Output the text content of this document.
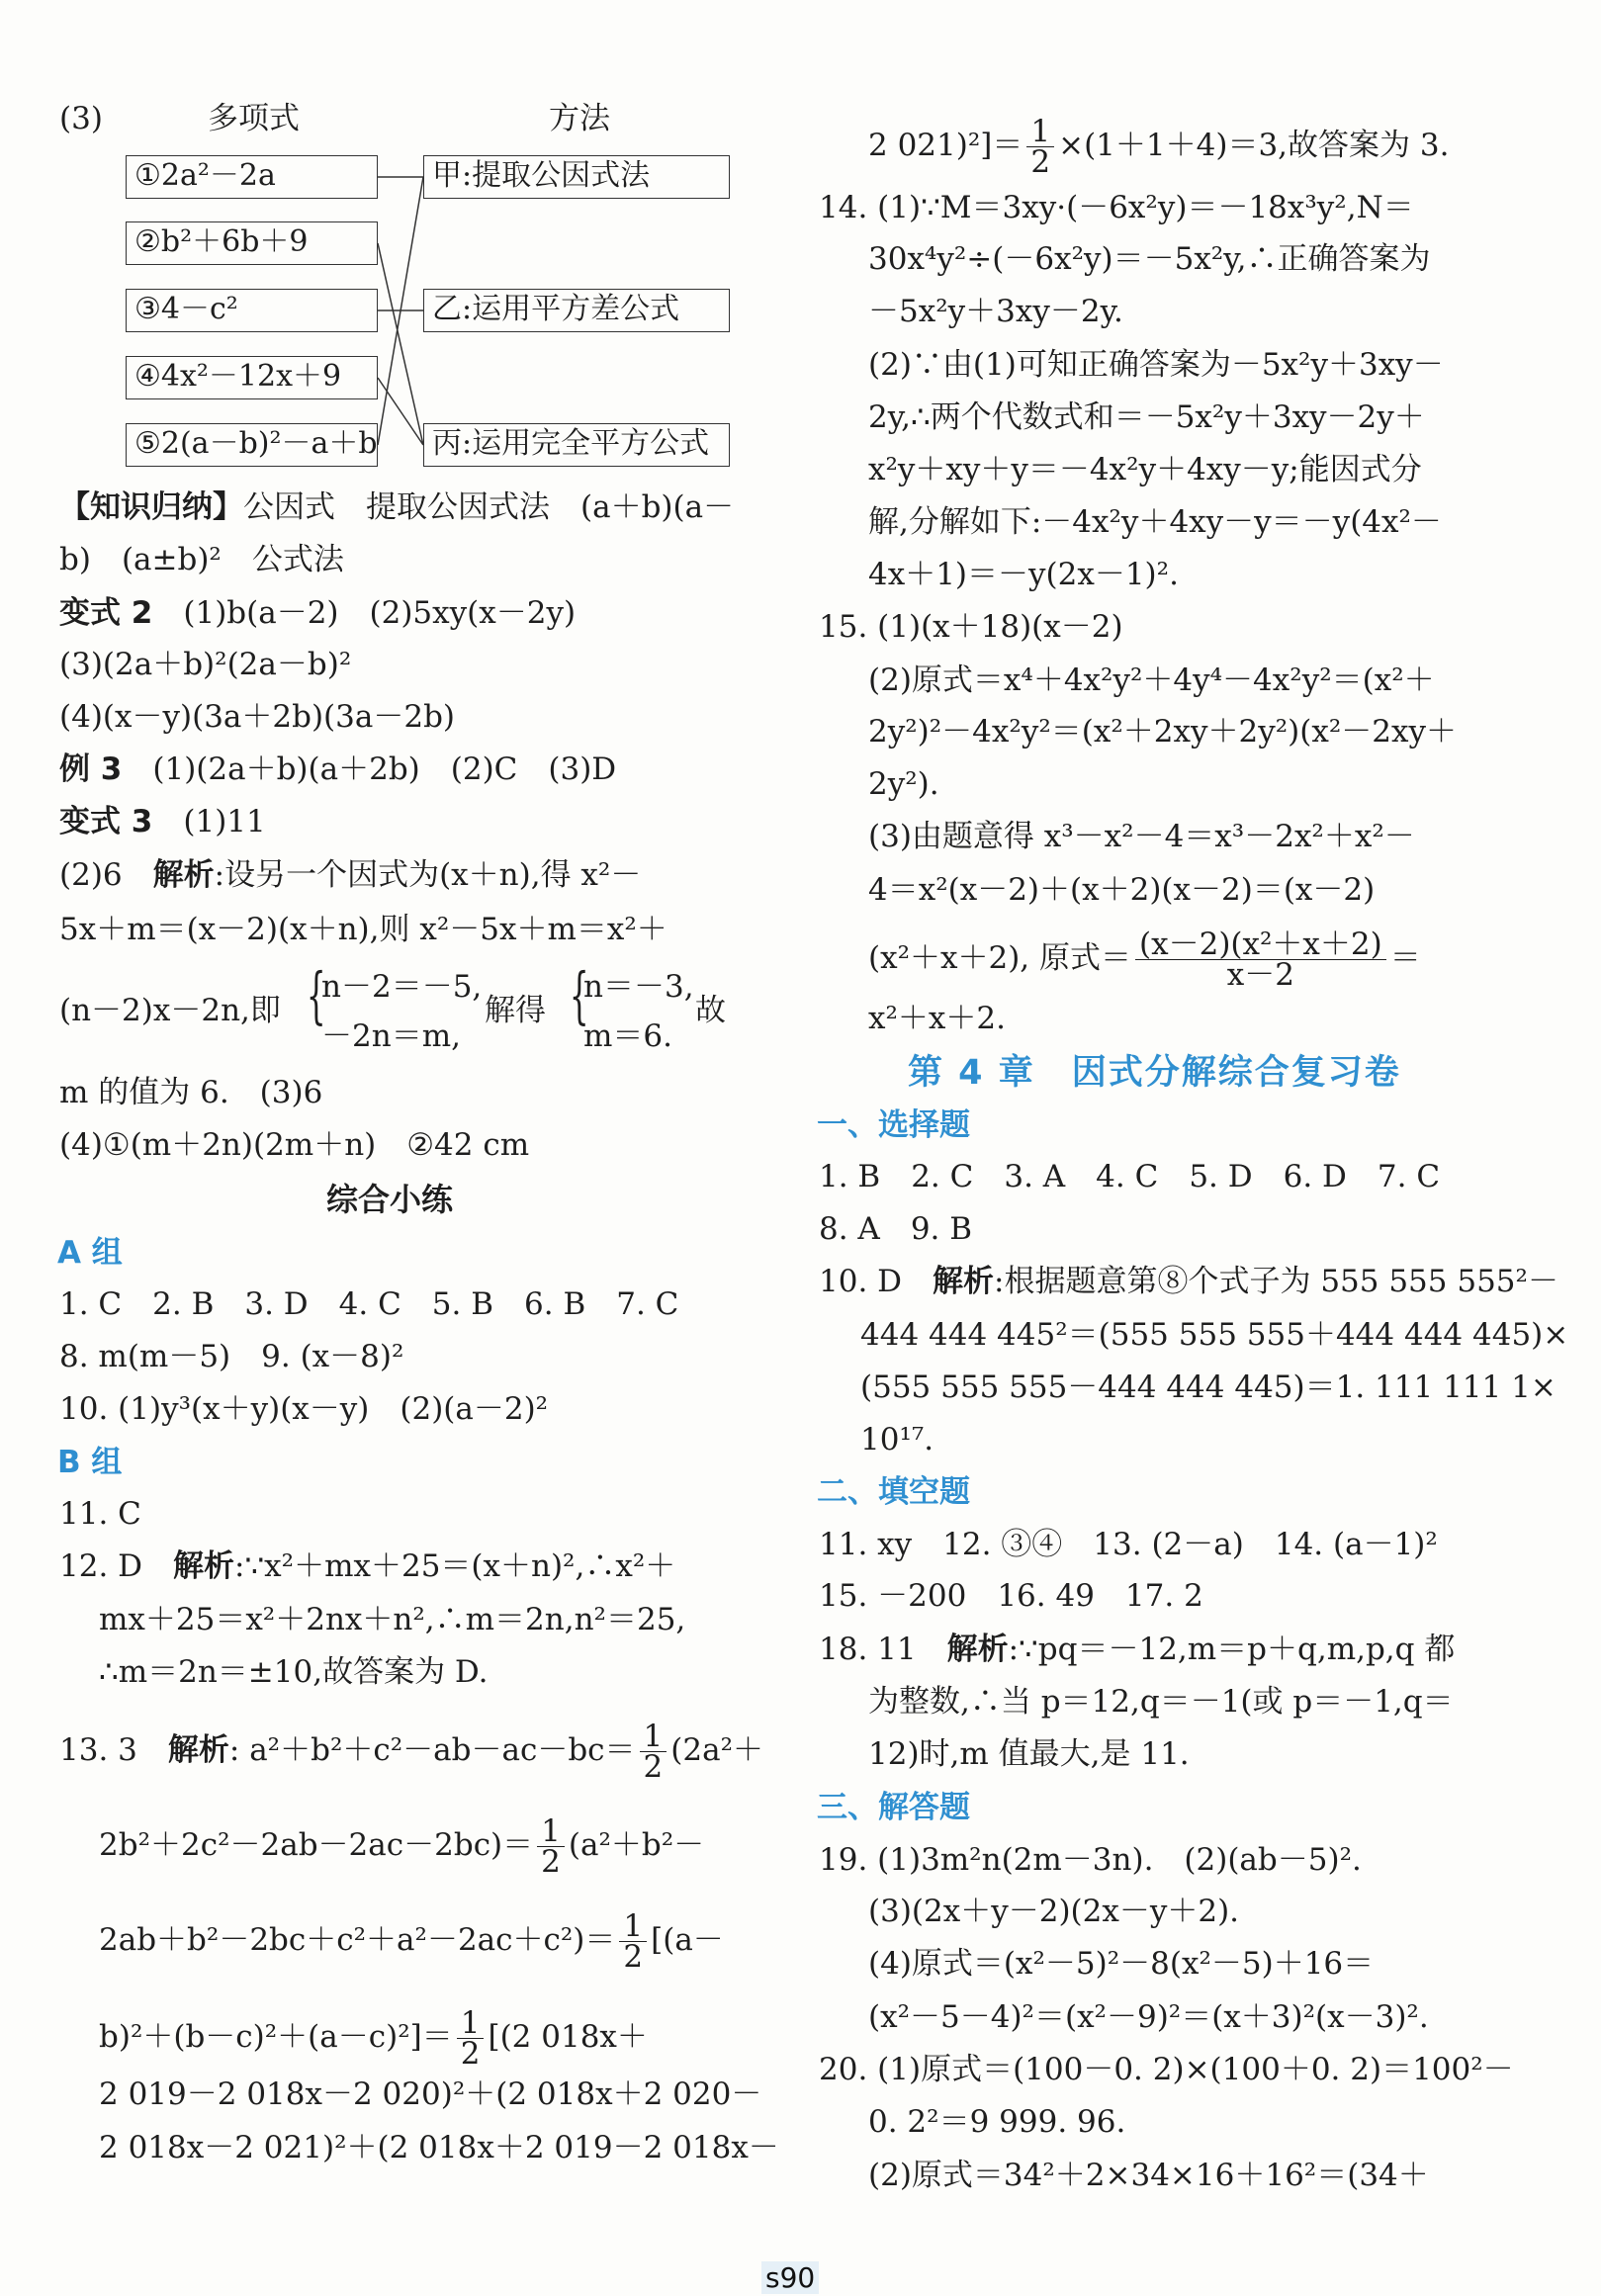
(3)	多项式	方法
①2a²－2a
②b²＋6b＋9
③4－c²
④4x²－12x＋9
⑤2(a－b)²－a＋b
甲:提取公因式法
乙:运用平方差公式
丙:运用完全平方公式
【知识归纳】公因式　提取公因式法　(a＋b)(a－
b)　(a±b)²　公式法
变式 2　(1)b(a－2)　(2)5xy(x－2y)
(3)(2a＋b)²(2a－b)²
(4)(x－y)(3a＋2b)(3a－2b)
例 3　(1)(2a＋b)(a＋2b)　(2)C　(3)D
变式 3　(1)11
(2)6　解析:设另一个因式为(x＋n),得 x²－
5x＋m＝(x－2)(x＋n),则 x²－5x＋m＝x²＋
(n－2)x－2n,即 {
n－2＝－5,
－2n＝m,
解得 {
n＝－3,
m＝6.
故
m 的值为 6.　(3)6
(4)①(m＋2n)(2m＋n)　②42 cm
综合小练
A 组
1. C　2. B　3. D　4. C　5. B　6. B　7. C
8. m(m－5)　9. (x－8)²
10. (1)y³(x＋y)(x－y)　(2)(a－2)²
B 组
11. C
12. D　解析:∵x²＋mx＋25＝(x＋n)²,∴x²＋
mx＋25＝x²＋2nx＋n²,∴m＝2n,n²＝25,
∴m＝2n＝±10,故答案为 D.
13. 3　解析: $a^2+b^2+c^2-ab-ac-bc= \frac{1}{2} (2a^2+$
$2b^2+2c^2-2ab-2ac-2bc)= \frac{1}{2} (a^2+b^2-$
$2ab+b^2-2bc+c^2+a^2-2ac+c^2)= \frac{1}{2} [(a-$
$b)^2+(b-c)^2+(a-c)^2]= \frac{1}{2} [(2$ 018x＋
2 019－2 018x－2 020)²＋(2 018x＋2 020－
2 018x－2 021)²＋(2 018x＋2 019－2 018x－
2 $021)^2]= \frac{1}{2} \times(1+1+4)=3$,故答案为 3.
14. (1)∵M＝3xy·(－6x²y)＝－18x³y²,N＝
30x⁴y²÷(－6x²y)＝－5x²y,∴正确答案为
－5x²y＋3xy－2y.
(2)∵由(1)可知正确答案为－5x²y＋3xy－
2y,∴两个代数式和＝－5x²y＋3xy－2y＋
x²y＋xy＋y＝－4x²y＋4xy－y;能因式分
解,分解如下:－4x²y＋4xy－y＝－y(4x²－
4x＋1)＝－y(2x－1)².
15. (1)(x＋18)(x－2)
(2)原式＝x⁴＋4x²y²＋4y⁴－4x²y²＝(x²＋
2y²)²－4x²y²＝(x²＋2xy＋2y²)(x²－2xy＋
2y²).
(3)由题意得 x³－x²－4＝x³－2x²＋x²－
4＝x²(x－2)＋(x＋2)(x－2)＝(x－2)
(x²＋x＋2), 原式＝ $\frac{\text{(x－2)(x²＋x＋2)}}{x-2}$ ＝
x²＋x＋2.
第 4 章　因式分解综合复习卷
一、选择题
1. B　2. C　3. A　4. C　5. D　6. D　7. C
8. A　9. B
10. D　解析:根据题意第⑧个式子为 555 555 555²－
444 444 445²＝(555 555 555＋444 444 445)×
(555 555 555－444 444 445)＝1. 111 111 1×
10¹⁷.
二、填空题
11. xy　12. ③④　13. (2－a)　14. (a－1)²
15. －200　16. 49　17. 2
18. 11　解析:∵pq＝－12,m＝p＋q,m,p,q 都
为整数,∴当 p＝12,q＝－1(或 p＝－1,q＝
12)时,m 值最大,是 11.
三、解答题
19. (1)3m²n(2m－3n).　(2)(ab－5)².
(3)(2x＋y－2)(2x－y＋2).
(4)原式＝(x²－5)²－8(x²－5)＋16＝
(x²－5－4)²＝(x²－9)²＝(x＋3)²(x－3)².
20. (1)原式＝(100－0. 2)×(100＋0. 2)＝100²－
0. 2²＝9 999. 96.
(2)原式＝34²＋2×34×16＋16²＝(34＋
s90
